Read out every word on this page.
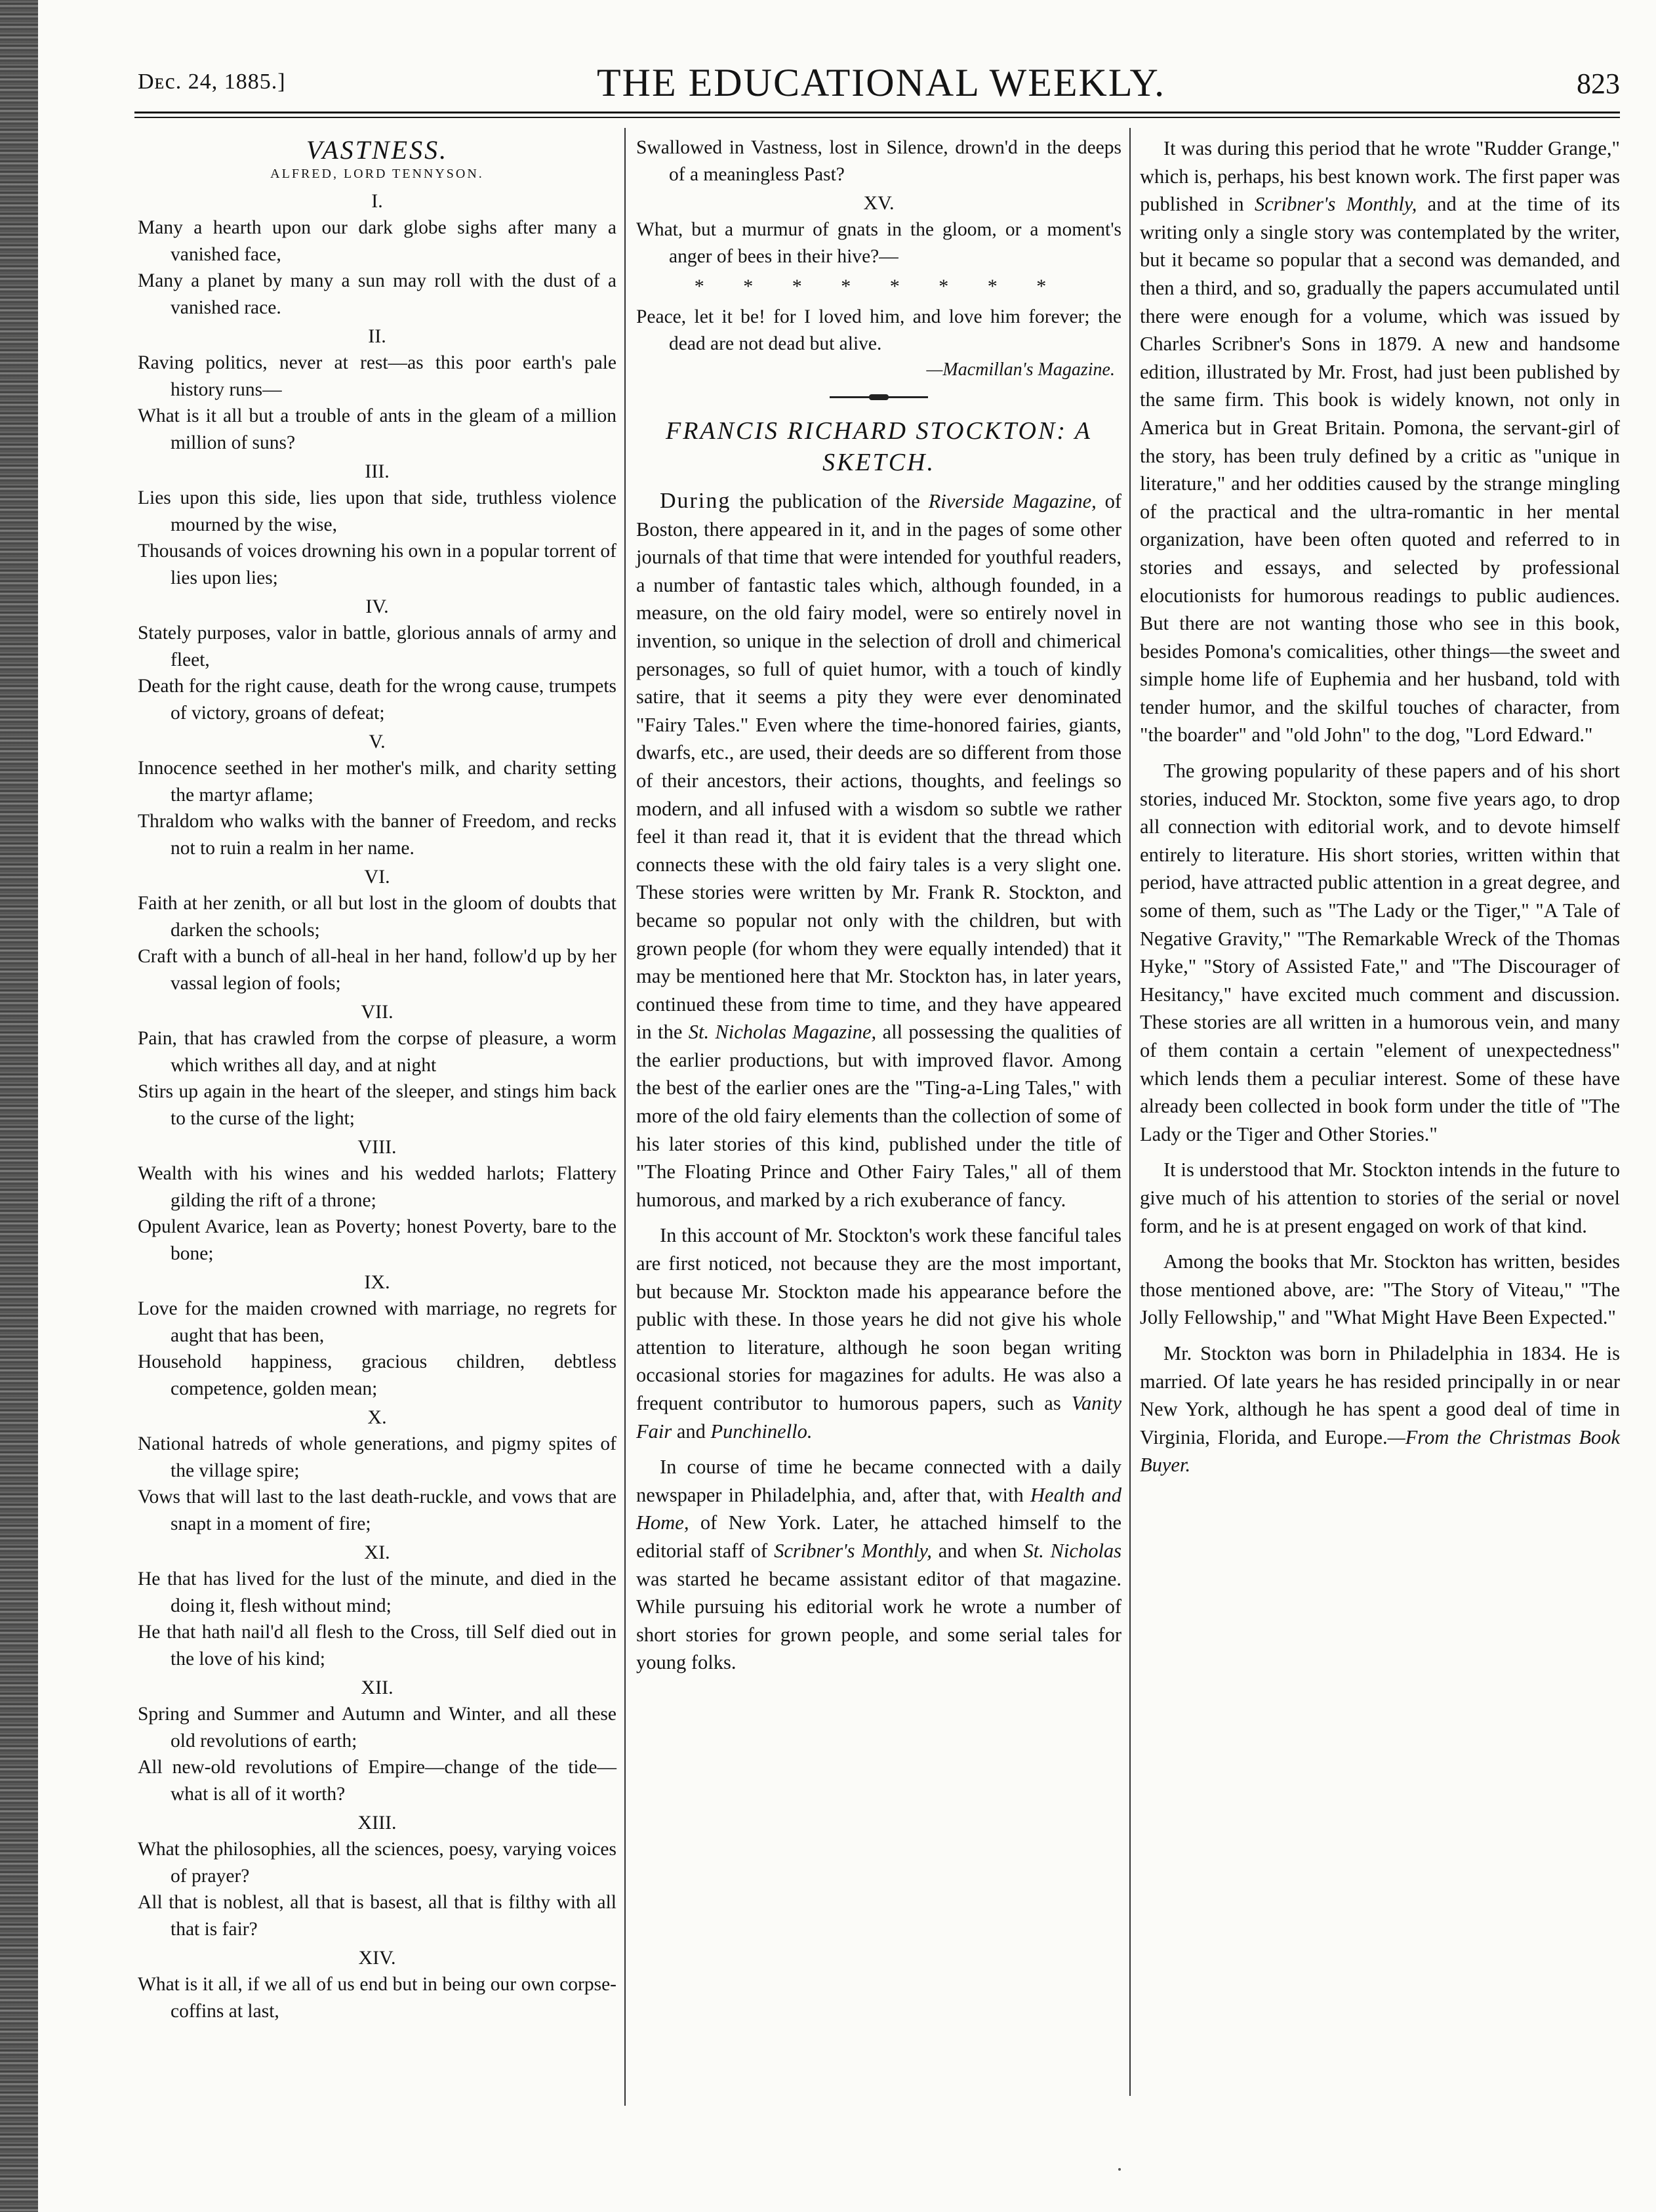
Dᴇc. 24, 1885.]	THE EDUCATIONAL WEEKLY.	823
VASTNESS.
ALFRED, LORD TENNYSON.
I.

Many a hearth upon our dark globe sighs after many a vanished face,

Many a planet by many a sun may roll with the dust of a vanished race.

II.

Raving politics, never at rest—as this poor earth's pale history runs—

What is it all but a trouble of ants in the gleam of a million million of suns?

III.

Lies upon this side, lies upon that side, truthless violence mourned by the wise,

Thousands of voices drowning his own in a popular torrent of lies upon lies;

IV.

Stately purposes, valor in battle, glorious annals of army and fleet,

Death for the right cause, death for the wrong cause, trumpets of victory, groans of defeat;

V.

Innocence seethed in her mother's milk, and charity setting the martyr aflame;

Thraldom who walks with the banner of Freedom, and recks not to ruin a realm in her name.

VI.

Faith at her zenith, or all but lost in the gloom of doubts that darken the schools;

Craft with a bunch of all-heal in her hand, follow'd up by her vassal legion of fools;

VII.

Pain, that has crawled from the corpse of pleasure, a worm which writhes all day, and at night

Stirs up again in the heart of the sleeper, and stings him back to the curse of the light;

VIII.

Wealth with his wines and his wedded harlots; Flattery gilding the rift of a throne;

Opulent Avarice, lean as Poverty; honest Poverty, bare to the bone;

IX.

Love for the maiden crowned with marriage, no regrets for aught that has been,

Household happiness, gracious children, debtless competence, golden mean;

X.

National hatreds of whole generations, and pigmy spites of the village spire;

Vows that will last to the last death-ruckle, and vows that are snapt in a moment of fire;

XI.

He that has lived for the lust of the minute, and died in the doing it, flesh without mind;

He that hath nail'd all flesh to the Cross, till Self died out in the love of his kind;

XII.

Spring and Summer and Autumn and Winter, and all these old revolutions of earth;

All new-old revolutions of Empire—change of the tide—what is all of it worth?

XIII.

What the philosophies, all the sciences, poesy, varying voices of prayer?

All that is noblest, all that is basest, all that is filthy with all that is fair?

XIV.

What is it all, if we all of us end but in being our own corpse-coffins at last,

Swallowed in Vastness, lost in Silence, drown'd in the deeps of a meaningless Past?

XV.

What, but a murmur of gnats in the gloom, or a moment's anger of bees in their hive?—

* * * * * * * *

Peace, let it be! for I loved him, and love him forever; the dead are not dead but alive.

—Macmillan's Magazine.
FRANCIS RICHARD STOCKTON: A SKETCH.

During the publication of the Riverside Magazine, of Boston, there appeared in it, and in the pages of some other journals of that time that were intended for youthful readers, a number of fantastic tales which, although founded, in a measure, on the old fairy model, were so entirely novel in invention, so unique in the selection of droll and chimerical personages, so full of quiet humor, with a touch of kindly satire, that it seems a pity they were ever denominated "Fairy Tales." Even where the time-honored fairies, giants, dwarfs, etc., are used, their deeds are so different from those of their ancestors, their actions, thoughts, and feelings so modern, and all infused with a wisdom so subtle we rather feel it than read it, that it is evident that the thread which connects these with the old fairy tales is a very slight one. These stories were written by Mr. Frank R. Stockton, and became so popular not only with the children, but with grown people (for whom they were equally intended) that it may be mentioned here that Mr. Stockton has, in later years, continued these from time to time, and they have appeared in the St. Nicholas Magazine, all possessing the qualities of the earlier productions, but with improved flavor. Among the best of the earlier ones are the "Ting-a-Ling Tales," with more of the old fairy elements than the collection of some of his later stories of this kind, published under the title of "The Floating Prince and Other Fairy Tales," all of them humorous, and marked by a rich exuberance of fancy.

In this account of Mr. Stockton's work these fanciful tales are first noticed, not because they are the most important, but because Mr. Stockton made his appearance before the public with these. In those years he did not give his whole attention to literature, although he soon began writing occasional stories for magazines for adults. He was also a frequent contributor to humorous papers, such as Vanity Fair and Punchinello.

In course of time he became connected with a daily newspaper in Philadelphia, and, after that, with Health and Home, of New York. Later, he attached himself to the editorial staff of Scribner's Monthly, and when St. Nicholas was started he became assistant editor of that magazine. While pursuing his editorial work he wrote a number of short stories for grown people, and some serial tales for young folks.

It was during this period that he wrote "Rudder Grange," which is, perhaps, his best known work. The first paper was published in Scribner's Monthly, and at the time of its writing only a single story was contemplated by the writer, but it became so popular that a second was demanded, and then a third, and so, gradually the papers accumulated until there were enough for a volume, which was issued by Charles Scribner's Sons in 1879. A new and handsome edition, illustrated by Mr. Frost, had just been published by the same firm. This book is widely known, not only in America but in Great Britain. Pomona, the servant-girl of the story, has been truly defined by a critic as "unique in literature," and her oddities caused by the strange mingling of the practical and the ultra-romantic in her mental organization, have been often quoted and referred to in stories and essays, and selected by professional elocutionists for humorous readings to public audiences. But there are not wanting those who see in this book, besides Pomona's comicalities, other things—the sweet and simple home life of Euphemia and her husband, told with tender humor, and the skilful touches of character, from "the boarder" and "old John" to the dog, "Lord Edward."

The growing popularity of these papers and of his short stories, induced Mr. Stockton, some five years ago, to drop all connection with editorial work, and to devote himself entirely to literature. His short stories, written within that period, have attracted public attention in a great degree, and some of them, such as "The Lady or the Tiger," "A Tale of Negative Gravity," "The Remarkable Wreck of the Thomas Hyke," "Story of Assisted Fate," and "The Discourager of Hesitancy," have excited much comment and discussion. These stories are all written in a humorous vein, and many of them contain a certain "element of unexpectedness" which lends them a peculiar interest. Some of these have already been collected in book form under the title of "The Lady or the Tiger and Other Stories."

It is understood that Mr. Stockton intends in the future to give much of his attention to stories of the serial or novel form, and he is at present engaged on work of that kind.

Among the books that Mr. Stockton has written, besides those mentioned above, are: "The Story of Viteau," "The Jolly Fellowship," and "What Might Have Been Expected."

Mr. Stockton was born in Philadelphia in 1834. He is married. Of late years he has resided principally in or near New York, although he has spent a good deal of time in Virginia, Florida, and Europe.—From the Christmas Book Buyer.
